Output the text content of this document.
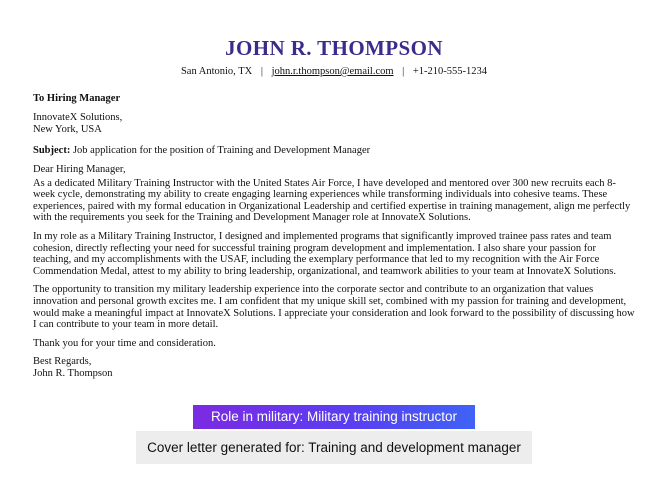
JOHN R. THOMPSON
San Antonio, TX | john.r.thompson@email.com | +1-210-555-1234
To Hiring Manager
InnovateX Solutions,
New York, USA
Subject: Job application for the position of Training and Development Manager
Dear Hiring Manager,
As a dedicated Military Training Instructor with the United States Air Force, I have developed and mentored over 300 new recruits each 8-week cycle, demonstrating my ability to create engaging learning experiences while transforming individuals into cohesive teams. These experiences, paired with my formal education in Organizational Leadership and certified expertise in training management, align me perfectly with the requirements you seek for the Training and Development Manager role at InnovateX Solutions.
In my role as a Military Training Instructor, I designed and implemented programs that significantly improved trainee pass rates and team cohesion, directly reflecting your need for successful training program development and implementation. I also share your passion for teaching, and my accomplishments with the USAF, including the exemplary performance that led to my recognition with the Air Force Commendation Medal, attest to my ability to bring leadership, organizational, and teamwork abilities to your team at InnovateX Solutions.
The opportunity to transition my military leadership experience into the corporate sector and contribute to an organization that values innovation and personal growth excites me. I am confident that my unique skill set, combined with my passion for training and development, would make a meaningful impact at InnovateX Solutions. I appreciate your consideration and look forward to the possibility of discussing how I can contribute to your team in more detail.
Thank you for your time and consideration.
Best Regards,
John R. Thompson
Role in military: Military training instructor
Cover letter generated for: Training and development manager
